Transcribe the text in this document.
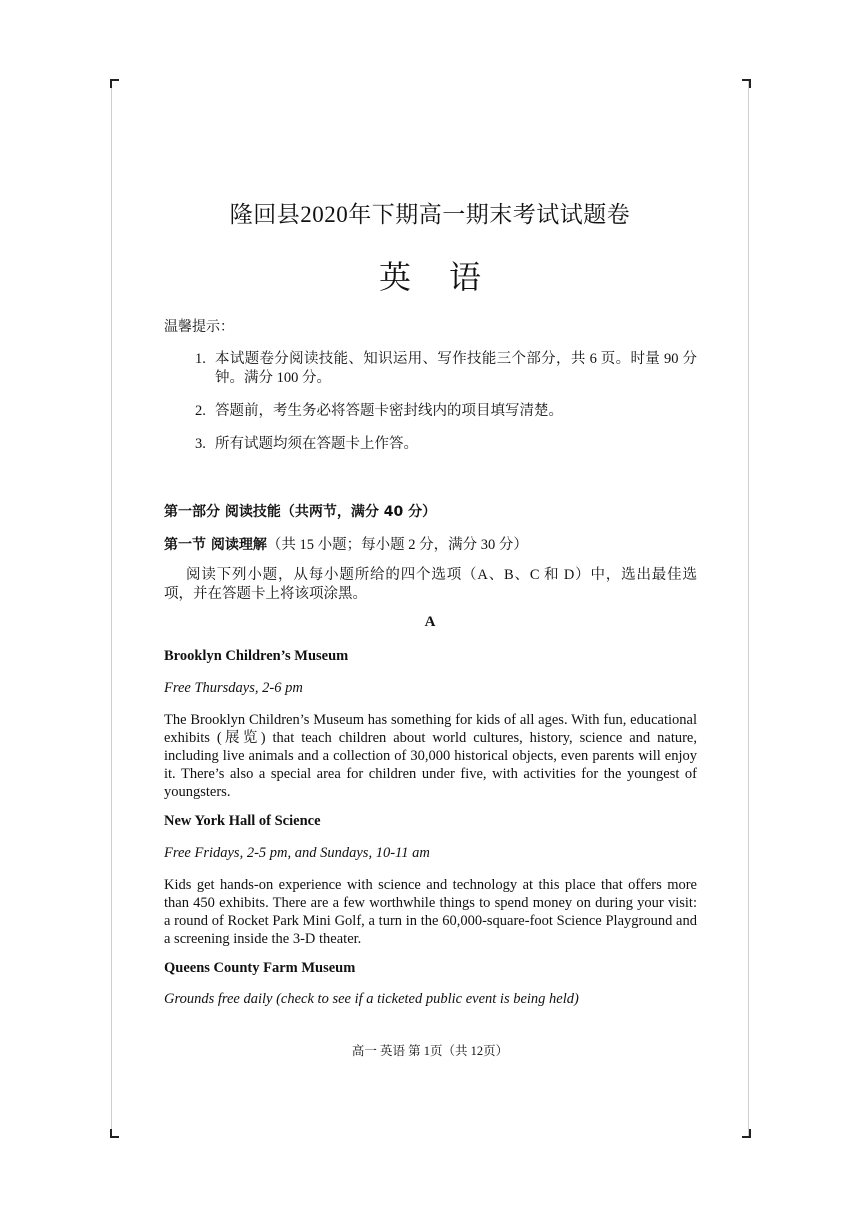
隆回县2020年下期高一期末考试试题卷
英语
温馨提示：
1. 本试题卷分阅读技能、知识运用、写作技能三个部分，共 6 页。时量 90 分钟。满分 100 分。
2. 答题前，考生务必将答题卡密封线内的项目填写清楚。
3. 所有试题均须在答题卡上作答。
第一部分 阅读技能（共两节，满分 40 分）
第一节 阅读理解（共 15 小题；每小题 2 分，满分 30 分）
阅读下列小题，从每小题所给的四个选项（A、B、C 和 D）中，选出最佳选项，并在答题卡上将该项涂黑。
A
Brooklyn Children’s Museum
Free Thursdays, 2-6 pm
The Brooklyn Children’s Museum has something for kids of all ages. With fun, educational exhibits (展览) that teach children about world cultures, history, science and nature, including live animals and a collection of 30,000 historical objects, even parents will enjoy it. There’s also a special area for children under five, with activities for the youngest of youngsters.
New York Hall of Science
Free Fridays, 2-5 pm, and Sundays, 10-11 am
Kids get hands-on experience with science and technology at this place that offers more than 450 exhibits. There are a few worthwhile things to spend money on during your visit: a round of Rocket Park Mini Golf, a turn in the 60,000-square-foot Science Playground and a screening inside the 3-D theater.
Queens County Farm Museum
Grounds free daily (check to see if a ticketed public event is being held)
高一 英语 第 1页（共 12页）
